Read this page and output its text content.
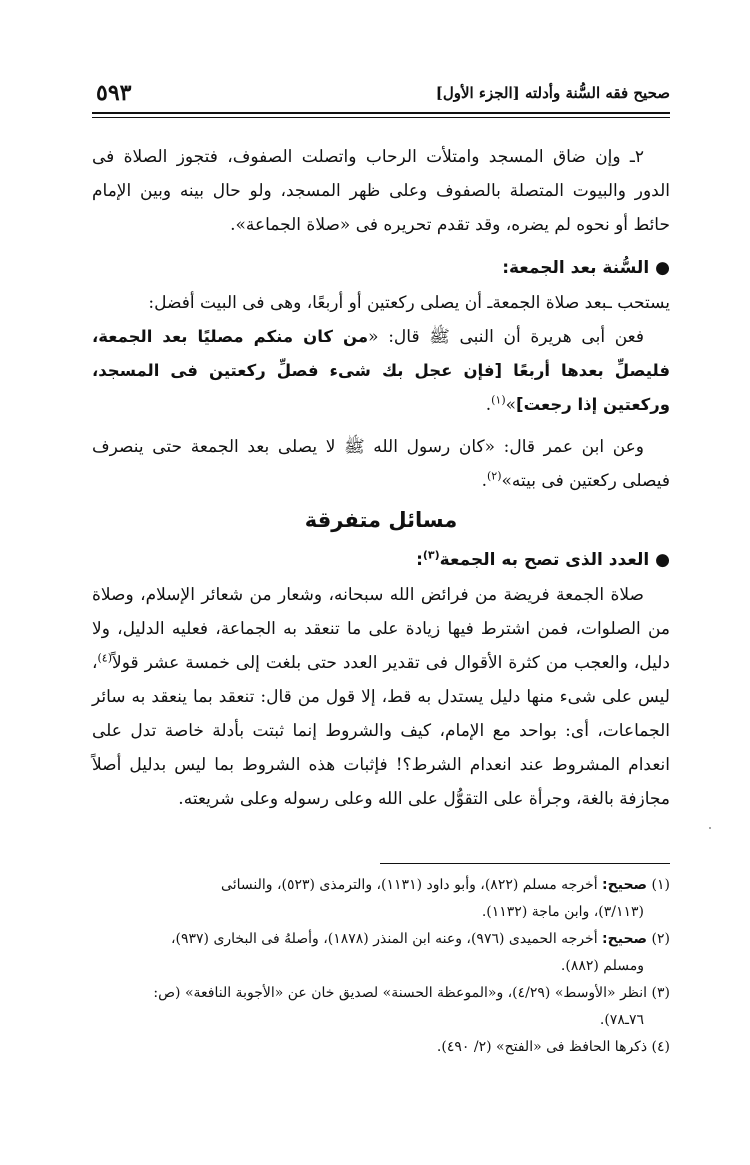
صحيح فقه السُّنة وأدلته [الجزء الأول]
٥٩٣

٢ـ وإن ضاق المسجد وامتلأت الرحاب واتصلت الصفوف، فتجوز الصلاة فى الدور والبيوت المتصلة بالصفوف وعلى ظهر المسجد، ولو حال بينه وبين الإمام حائط أو نحوه لم يضره، وقد تقدم تحريره فى «صلاة الجماعة».

●السُّنة بعد الجمعة:

يستحب ـبعد صلاة الجمعةـ أن يصلى ركعتين أو أربعًا، وهى فى البيت أفضل:

فعن أبى هريرة أن النبى ﷺ قال: «من كان منكم مصليًا بعد الجمعة، فليصلِّ بعدها أربعًا [فإن عجل بك شىء فصلِّ ركعتين فى المسجد، وركعتين إذا رجعت]»$^{(١)}$.

وعن ابن عمر قال: «كان رسول الله ﷺ لا يصلى بعد الجمعة حتى ينصرف فيصلى ركعتين فى بيته»$^{(٢)}$.

مسائل متفرقة

●العدد الذى تصح به الجمعة$^{(٣)}$:

صلاة الجمعة فريضة من فرائض الله سبحانه، وشعار من شعائر الإسلام، وصلاة من الصلوات، فمن اشترط فيها زيادة على ما تنعقد به الجماعة، فعليه الدليل، ولا دليل، والعجب من كثرة الأقوال فى تقدير العدد حتى بلغت إلى خمسة عشر قولاً$^{(٤)}$، ليس على شىء منها دليل يستدل به قط، إلا قول من قال: تنعقد بما ينعقد به سائر الجماعات، أى: بواحد مع الإمام، كيف والشروط إنما ثبتت بأدلة خاصة تدل على انعدام المشروط عند انعدام الشرط؟! فإثبات هذه الشروط بما ليس بدليل أصلاً مجازفة بالغة، وجرأة على التقوُّل على الله وعلى رسوله وعلى شريعته.

(١) صحيح: أخرجه مسلم (٨٢٢)، وأبو داود (١١٣١)، والترمذى (٥٢٣)، والنسائى

(٣/١١٣)، وابن ماجة (١١٣٢).

(٢) صحيح: أخرجه الحميدى (٩٧٦)، وعنه ابن المنذر (١٨٧٨)، وأصلهُ فى البخارى (٩٣٧)،

ومسلم (٨٨٢).

(٣) انظر «الأوسط» (٤/٢٩)، و«الموعظة الحسنة» لصديق خان عن «الأجوبة النافعة» (ص:

٧٦ـ٧٨).

(٤) ذكرها الحافظ فى «الفتح» (٢/ ٤٩٠).
